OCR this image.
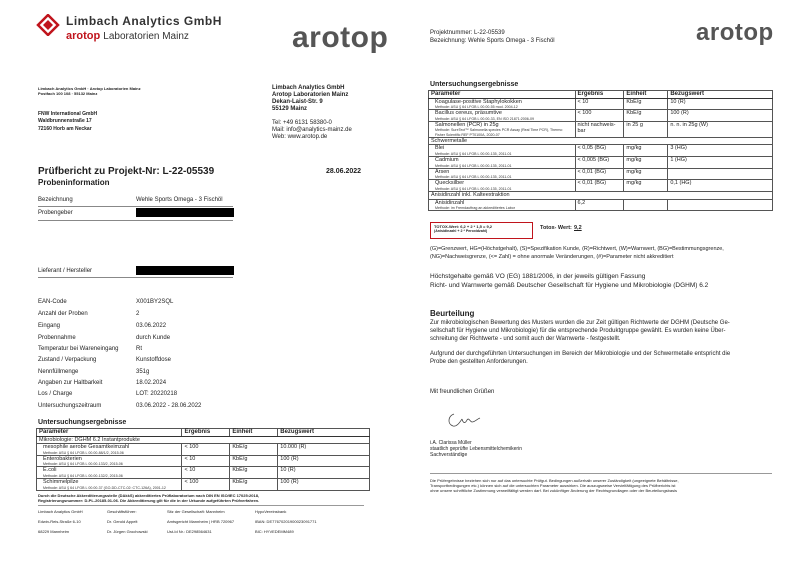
Limbach Analytics GmbH
arotop Laboratorien Mainz	arotop
Limbach Analytics GmbH · Arotop Laboratorien Mainz
Postfach 100 108 · 55132 Mainz
FNW International GmbH
Waldbrunnenstraße 17
72160 Horb am Neckar
Limbach Analytics GmbH
Arotop Laboratorien Mainz
Dekan-Laist-Str. 9
55129 Mainz
Tel: +49 6131 58380-0
Mail: info@analytics-mainz.de
Web: www.arotop.de
Prüfbericht zu Projekt-Nr: L-22-05539	28.06.2022
Probeninformation
Bezeichnung	Wehle Sports Omega - 3 Fischöl
Probengeber
Lieferant / Hersteller
EAN-Code	X001BY2SQL
Anzahl der Proben	2
Eingang	03.06.2022
Probennahme	durch Kunde
Temperatur bei Wareneingang	Rt
Zustand / Verpackung	Kunstoffdose
Nennfüllmenge	351g
Angaben zur Haltbarkeit	18.02.2024
Los / Charge	LOT: 20220218
Untersuchungszeitraum	03.06.2022 - 28.06.2022
Untersuchungsergebnisse
Parameter	Ergebnis	Einheit	Bezugswert
Mikrobiologie: DGHM 6.2 Instantprodukte			

mesophile aerobe Gesamtkeimzahl
Methode: ASU § 64 LFGB L 00.00-88/1/2, 2015-06	< 100	KbE/g	10.000 (R)

Enterobakterien
Methode: ASU § 64 LFGB L 00.00-133/2, 2015-06	< 10	KbE/g	100 (R)

E.coli
Methode: ASU § 64 LFGB L 00.00-132/2, 2015-06	< 10	KbE/g	10 (R)

Schimmelpilze
Methode: ASU § 64 LFGB L 00.00-37 (GO-DD-CTC-02: CTC-126A), 2001-12	< 100	KbE/g	100 (R)
Durch die Deutsche Akkreditierungsstelle (DAkkS) akkreditiertes Prüflaboratorium nach DIN EN ISO/IEC 17025:2018,
Registrierungsnummer: D-PL-20185-01-06. Die Akkreditierung gilt für die in der Urkunde aufgeführten Prüfverfahren.
Limbach Analytics GmbH	Geschäftsführer:	Sitz der Gesellschaft: Mannheim	HypoVereinsbank
Edwin-Reis-Straße 6-10	Dr. Gerold Appelt	Amtsgericht Mannheim | HRB 720967	IBAN: DE77670201900023091771
68229 Mannheim	Dr. Jürgen Grochowski	Ust-Id Nr.: DE298564631	BIC: HYVEDEMM489
Projektnummer: L-22-05539
Bezeichnung: Wehle Sports Omega - 3 Fischöl	arotop
Untersuchungsergebnisse
Parameter	Ergebnis	Einheit	Bezugswert

Koagulase-positive Staphylokokken
Methode: ASU § 64 LFGB L 00.00-55 mod. 2004-12	< 10	KbE/g	10 (R)

Bacillus cereus, präsumtive
Methode: ASU § 64 LFGB L 00.00-33, EN ISO 21871:2006-09	< 100	KbE/g	100 (R)

Salmonellen (PCR) in 25g
Methode: SureTect™ Salmonella species PCR Assay (Real Time PCR), Thermo Fisher Scientific REF PT0100A, 2020-07	nicht nachweis-bar	in 25 g	n. n. in 25g (W)
Schwermetalle			

Blei
Methode: ASU § 64 LFGB L 00.00-135, 2011-01	< 0,05 (BG)	mg/kg	3 (HG)

Cadmium
Methode: ASU § 64 LFGB L 00.00-135, 2011-01	< 0,005 (BG)	mg/kg	1 (HG)

Arsen
Methode: ASU § 64 LFGB L 00.00-135, 2011-01	< 0,01 (BG)	mg/kg	

Quecksilber
Methode: ASU § 64 LFGB L 00.00-135, 2011-01	< 0,01 (BG)	mg/kg	0,1 (HG)
Anisidinzahl inkl. Kalteextraktion			

Anisidinzahl
Methode: im Fremdauftrag an akkreditiertes Labor	6,2		
TOTOX-Wert: 6,2 + 2 * 1,5 = 9,2
(Anisidinzahl + 2 * Peroxidzahl)	Totox- Wert: 9,2
(G)=Grenzwert, HG=(Höchstgehalt), (S)=Spezifikation Kunde, (R)=Richtwert, (W)=Warnwert, (BG)=Bestimmungsgrenze,
(NG)=Nachweisgrenze, (<= Zahl) = ohne anormale Veränderungen, (#)=Parameter nicht akkreditiert
Höchstgehalte gemäß VO (EG) 1881/2006, in der jeweils gültigen Fassung
Richt- und Warnwerte gemäß Deutscher Gesellschaft für Hygiene und Mikrobiologie (DGHM) 6.2
Beurteilung
Zur mikrobiologischen Bewertung des Musters wurden die zur Zeit gültigen Richtwerte der DGHM (Deutsche Ge-
sellschaft für Hygiene und Mikrobiologie) für die entsprechende Produktgruppe gewählt. Es wurden keine Über-
schreitung der Richtwerte - und somit auch der Warnwerte - festgestellt.
Aufgrund der durchgeführten Untersuchungen im Bereich der Mikrobiologie und der Schwermetalle entspricht die
Probe den gestellten Anforderungen.
Mit freundlichen Grüßen
i.A. Clarissa Müller
staatlich geprüfte Lebensmittelchemikerin
Sachverständige
Die Prüfergebnisse beziehen sich nur auf das untersuchte Prüfgut. Bedingungen außerhalb unserer Zuständigkeit (ungeeignete Behältnisse,
Transportbedingungen etc.) können sich auf die untersuchten Parameter auswirken. Die auszugsweise Vervielfältigung des Prüfberichts ist
ohne unsere schriftliche Zustimmung verweilfältigt werden darf. Bei zukünftiger Änderung der Rechtsgrundlagen oder der Beurteilungsbasis
